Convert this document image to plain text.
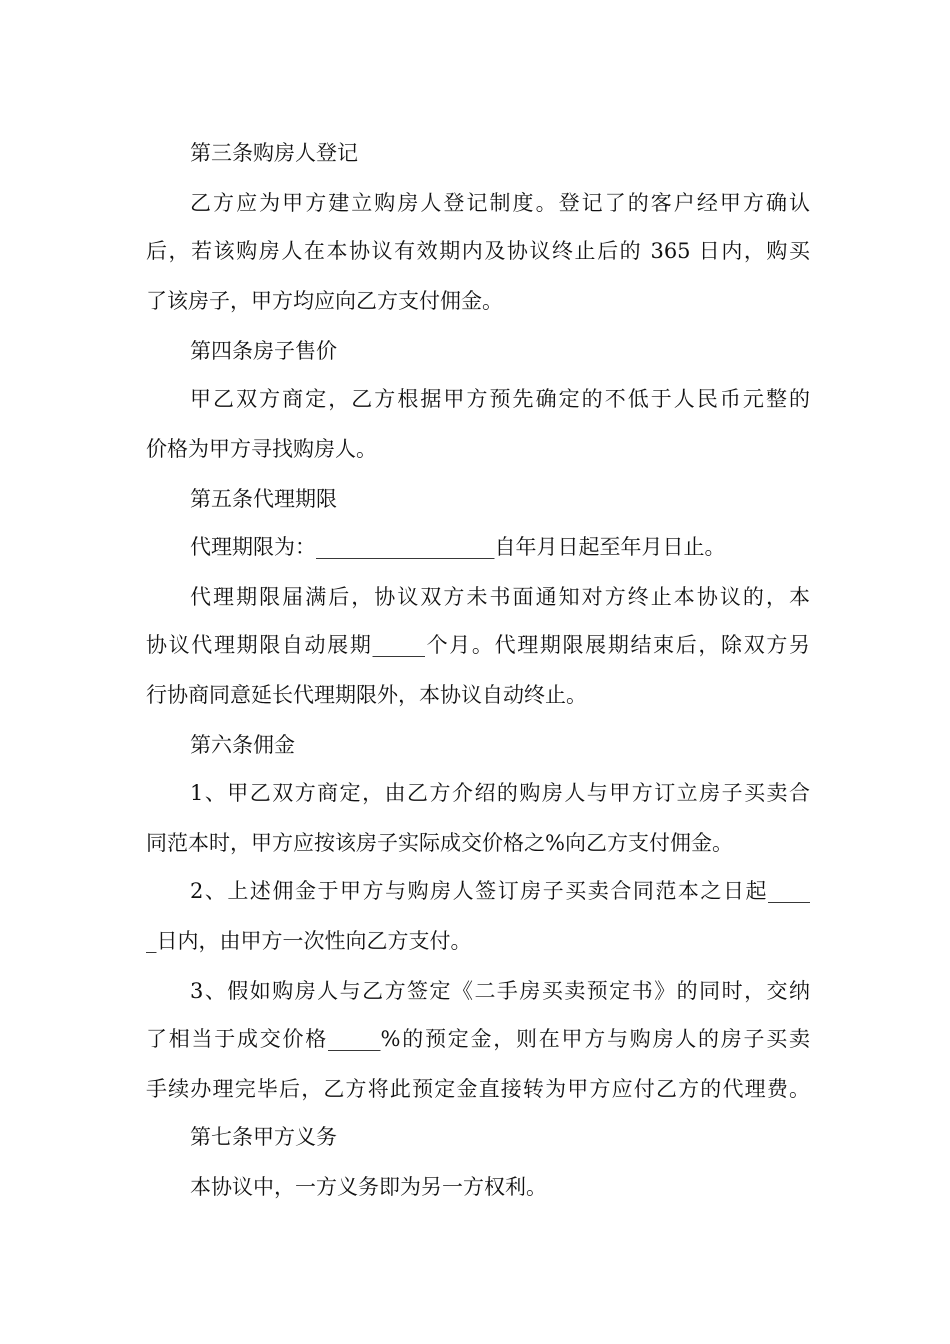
第三条购房人登记
乙方应为甲方建立购房人登记制度。登记了的客户经甲方确认
后，若该购房人在本协议有效期内及协议终止后的 365 日内，购买
了该房子，甲方均应向乙方支付佣金。
第四条房子售价
甲乙双方商定，乙方根据甲方预先确定的不低于人民币元整的
价格为甲方寻找购房人。
第五条代理期限
代理期限为：_________________自年月日起至年月日止。
代理期限届满后，协议双方未书面通知对方终止本协议的，本
协议代理期限自动展期_____个月。代理期限展期结束后，除双方另
行协商同意延长代理期限外，本协议自动终止。
第六条佣金
1、甲乙双方商定，由乙方介绍的购房人与甲方订立房子买卖合
同范本时，甲方应按该房子实际成交价格之%向乙方支付佣金。
2、上述佣金于甲方与购房人签订房子买卖合同范本之日起____
_日内，由甲方一次性向乙方支付。
3、假如购房人与乙方签定《二手房买卖预定书》的同时，交纳
了相当于成交价格_____%的预定金，则在甲方与购房人的房子买卖
手续办理完毕后，乙方将此预定金直接转为甲方应付乙方的代理费。
第七条甲方义务
本协议中，一方义务即为另一方权利。
